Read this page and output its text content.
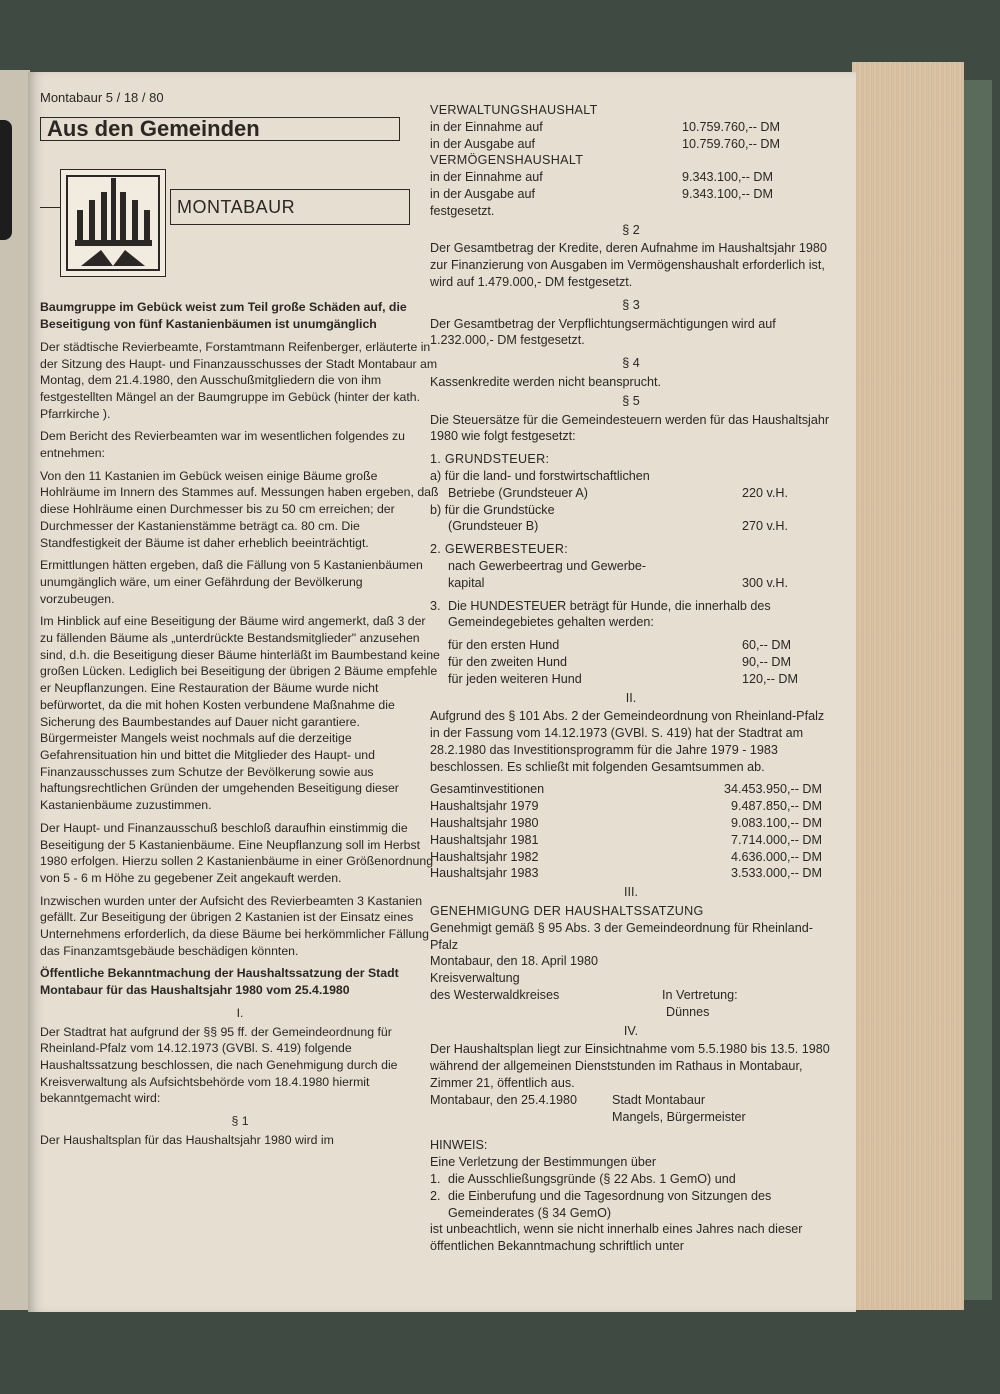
Montabaur 5 / 18 / 80
Aus den Gemeinden
MONTABAUR

Baumgruppe im Gebück weist zum Teil große Schäden auf, die Beseitigung von fünf Kastanienbäumen ist unumgänglich

Der städtische Revierbeamte, Forstamtmann Reifenberger, erläuterte in der Sitzung des Haupt- und Finanzausschusses der Stadt Montabaur am Montag, dem 21.4.1980, den Ausschußmitgliedern die von ihm festgestellten Mängel an der Baumgruppe im Gebück (hinter der kath. Pfarrkirche ).

Dem Bericht des Revierbeamten war im wesentlichen folgendes zu entnehmen:

Von den 11 Kastanien im Gebück weisen einige Bäume große Hohlräume im Innern des Stammes auf. Messungen haben ergeben, daß diese Hohlräume einen Durchmesser bis zu 50 cm erreichen; der Durchmesser der Kastanienstämme beträgt ca. 80 cm. Die Standfestigkeit der Bäume ist daher erheblich beeinträchtigt.

Ermittlungen hätten ergeben, daß die Fällung von 5 Kastanienbäumen unumgänglich wäre, um einer Gefährdung der Bevölkerung vorzubeugen.

Im Hinblick auf eine Beseitigung der Bäume wird angemerkt, daß 3 der zu fällenden Bäume als „unterdrückte Bestandsmitglieder" anzusehen sind, d.h. die Beseitigung dieser Bäume hinterläßt im Baumbestand keine großen Lücken. Lediglich bei Beseitigung der übrigen 2 Bäume empfehle er Neupflanzungen. Eine Restauration der Bäume wurde nicht befürwortet, da die mit hohen Kosten verbundene Maßnahme die Sicherung des Baumbestandes auf Dauer nicht garantiere. Bürgermeister Mangels weist nochmals auf die derzeitige Gefahrensituation hin und bittet die Mitglieder des Haupt- und Finanzausschusses zum Schutze der Bevölkerung sowie aus haftungsrechtlichen Gründen der umgehenden Beseitigung dieser Kastanienbäume zuzustimmen.

Der Haupt- und Finanzausschuß beschloß daraufhin einstimmig die Beseitigung der 5 Kastanienbäume. Eine Neupflanzung soll im Herbst 1980 erfolgen. Hierzu sollen 2 Kastanienbäume in einer Größenordnung von 5 - 6 m Höhe zu gegebener Zeit angekauft werden.

Inzwischen wurden unter der Aufsicht des Revierbeamten 3 Kastanien gefällt. Zur Beseitigung der übrigen 2 Kastanien ist der Einsatz eines Unternehmens erforderlich, da diese Bäume bei herkömmlicher Fällung das Finanzamtsgebäude beschädigen könnten.

Öffentliche Bekanntmachung der Haushaltssatzung der Stadt Montabaur für das Haushaltsjahr 1980 vom 25.4.1980

I.

Der Stadtrat hat aufgrund der §§ 95 ff. der Gemeindeordnung für Rheinland-Pfalz vom 14.12.1973 (GVBl. S. 419) folgende Haushaltssatzung beschlossen, die nach Genehmigung durch die Kreisverwaltung als Aufsichtsbehörde vom 18.4.1980 hiermit bekanntgemacht wird:

§ 1

Der Haushaltsplan für das Haushaltsjahr 1980 wird im

VERWALTUNGSHAUSHALT
in der Einnahme auf	10.759.760,-- DM
in der Ausgabe auf	10.759.760,-- DM
VERMÖGENSHAUSHALT
in der Einnahme auf	9.343.100,-- DM
in der Ausgabe auf	9.343.100,-- DM
festgesetzt.
§ 2

Der Gesamtbetrag der Kredite, deren Aufnahme im Haushaltsjahr 1980 zur Finanzierung von Ausgaben im Vermögenshaushalt erforderlich ist, wird auf 1.479.000,- DM festgesetzt.

§ 3

Der Gesamtbetrag der Verpflichtungsermächtigungen wird auf 1.232.000,- DM festgesetzt.

§ 4

Kassenkredite werden nicht beansprucht.

§ 5

Die Steuersätze für die Gemeindesteuern werden für das Haushaltsjahr 1980 wie folgt festgesetzt:

1. GRUNDSTEUER:
a) für die land- und forstwirtschaftlichen
Betriebe (Grundsteuer A)	220 v.H.
b) für die Grundstücke
(Grundsteuer B)	270 v.H.
2. GEWERBESTEUER:
nach Gewerbeertrag und Gewerbe-
kapital	300 v.H.
3. Die HUNDESTEUER beträgt für Hunde, die innerhalb des Gemeindegebietes gehalten werden:
für den ersten Hund	60,-- DM
für den zweiten Hund	90,-- DM
für jeden weiteren Hund	120,-- DM
II.

Aufgrund des § 101 Abs. 2 der Gemeindeordnung von Rheinland-Pfalz in der Fassung vom 14.12.1973 (GVBl. S. 419) hat der Stadtrat am 28.2.1980 das Investitionsprogramm für die Jahre 1979 - 1983 beschlossen. Es schließt mit folgenden Gesamtsummen ab.

Gesamtinvestitionen	34.453.950,-- DM
Haushaltsjahr 1979	9.487.850,-- DM
Haushaltsjahr 1980	9.083.100,-- DM
Haushaltsjahr 1981	7.714.000,-- DM
Haushaltsjahr 1982	4.636.000,-- DM
Haushaltsjahr 1983	3.533.000,-- DM
III.
GENEHMIGUNG DER HAUSHALTSSATZUNG
Genehmigt gemäß § 95 Abs. 3 der Gemeindeordnung für Rheinland-Pfalz
Montabaur, den 18. April 1980
Kreisverwaltung
des Westerwaldkreises	In Vertretung:
Dünnes
IV.

Der Haushaltsplan liegt zur Einsichtnahme vom 5.5.1980 bis 13.5. 1980 während der allgemeinen Dienststunden im Rathaus in Montabaur, Zimmer 21, öffentlich aus.

Montabaur, den 25.4.1980	Stadt Montabaur
Mangels, Bürgermeister
HINWEIS:
Eine Verletzung der Bestimmungen über
1. die Ausschließungsgründe (§ 22 Abs. 1 GemO) und
2. die Einberufung und die Tagesordnung von Sitzungen des Gemeinderates (§ 34 GemO)
ist unbeachtlich, wenn sie nicht innerhalb eines Jahres nach dieser öffentlichen Bekanntmachung schriftlich unter
